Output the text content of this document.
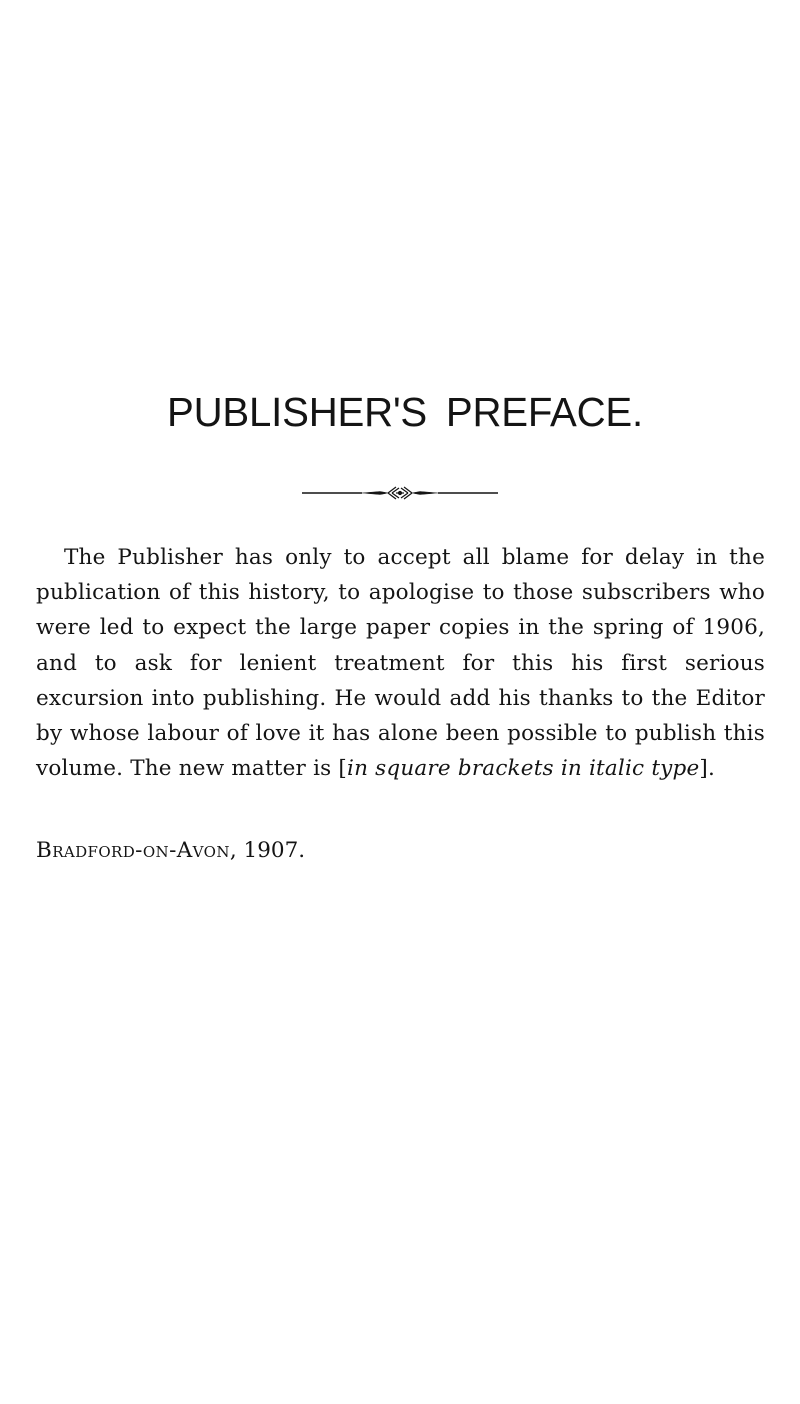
PUBLISHER'S PREFACE.

The Publisher has only to accept all blame for delay in the publication of this history, to apologise to those subscribers who were led to expect the large paper copies in the spring of 1906, and to ask for lenient treatment for this his first serious excursion into publishing. He would add his thanks to the Editor by whose labour of love it has alone been possible to publish this volume. The new matter is [in square brackets in italic type].

Bradford-on-Avon, 1907.
